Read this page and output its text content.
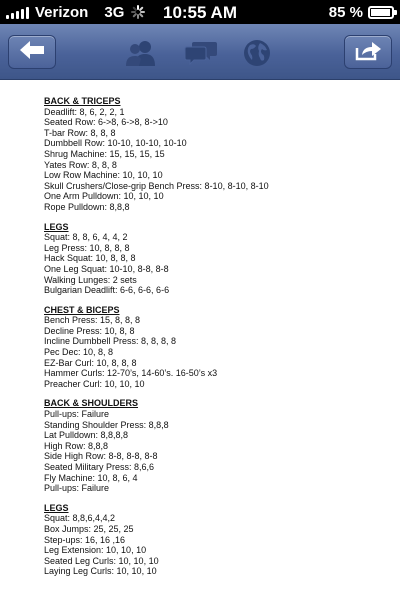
Verizon 3G	10:55 AM	85 %
BACK & TRICEPS
Deadlift: 8, 6, 2, 2, 1
Seated Row: 6->8, 6->8, 8->10
T-bar Row: 8, 8, 8
Dumbbell Row: 10-10, 10-10, 10-10
Shrug Machine: 15, 15, 15, 15
Yates Row: 8, 8, 8
Low Row Machine: 10, 10, 10
Skull Crushers/Close-grip Bench Press: 8-10, 8-10, 8-10
One Arm Pulldown: 10, 10, 10
Rope Pulldown: 8,8,8
LEGS
Squat: 8, 8, 6, 4, 4, 2
Leg Press: 10, 8, 8, 8
Hack Squat: 10, 8, 8, 8
One Leg Squat: 10-10, 8-8, 8-8
Walking Lunges: 2 sets
Bulgarian Deadlift: 6-6, 6-6, 6-6
CHEST & BICEPS
Bench Press: 15, 8, 8, 8
Decline Press: 10, 8, 8
Incline Dumbbell Press: 8, 8, 8, 8
Pec Dec: 10, 8, 8
EZ-Bar Curl: 10, 8, 8, 8
Hammer Curls: 12-70’s, 14-60’s. 16-50’s x3
Preacher Curl: 10, 10, 10
BACK & SHOULDERS
Pull-ups: Failure
Standing Shoulder Press: 8,8,8
Lat Pulldown: 8,8,8,8
High Row: 8,8,8
Side High Row: 8-8, 8-8, 8-8
Seated Military Press: 8,6,6
Fly Machine: 10, 8, 6, 4
Pull-ups: Failure
LEGS
Squat: 8,8,6,4,4,2
Box Jumps: 25, 25, 25
Step-ups: 16, 16 ,16
Leg Extension: 10, 10, 10
Seated Leg Curls: 10, 10, 10
Laying Leg Curls: 10, 10, 10
